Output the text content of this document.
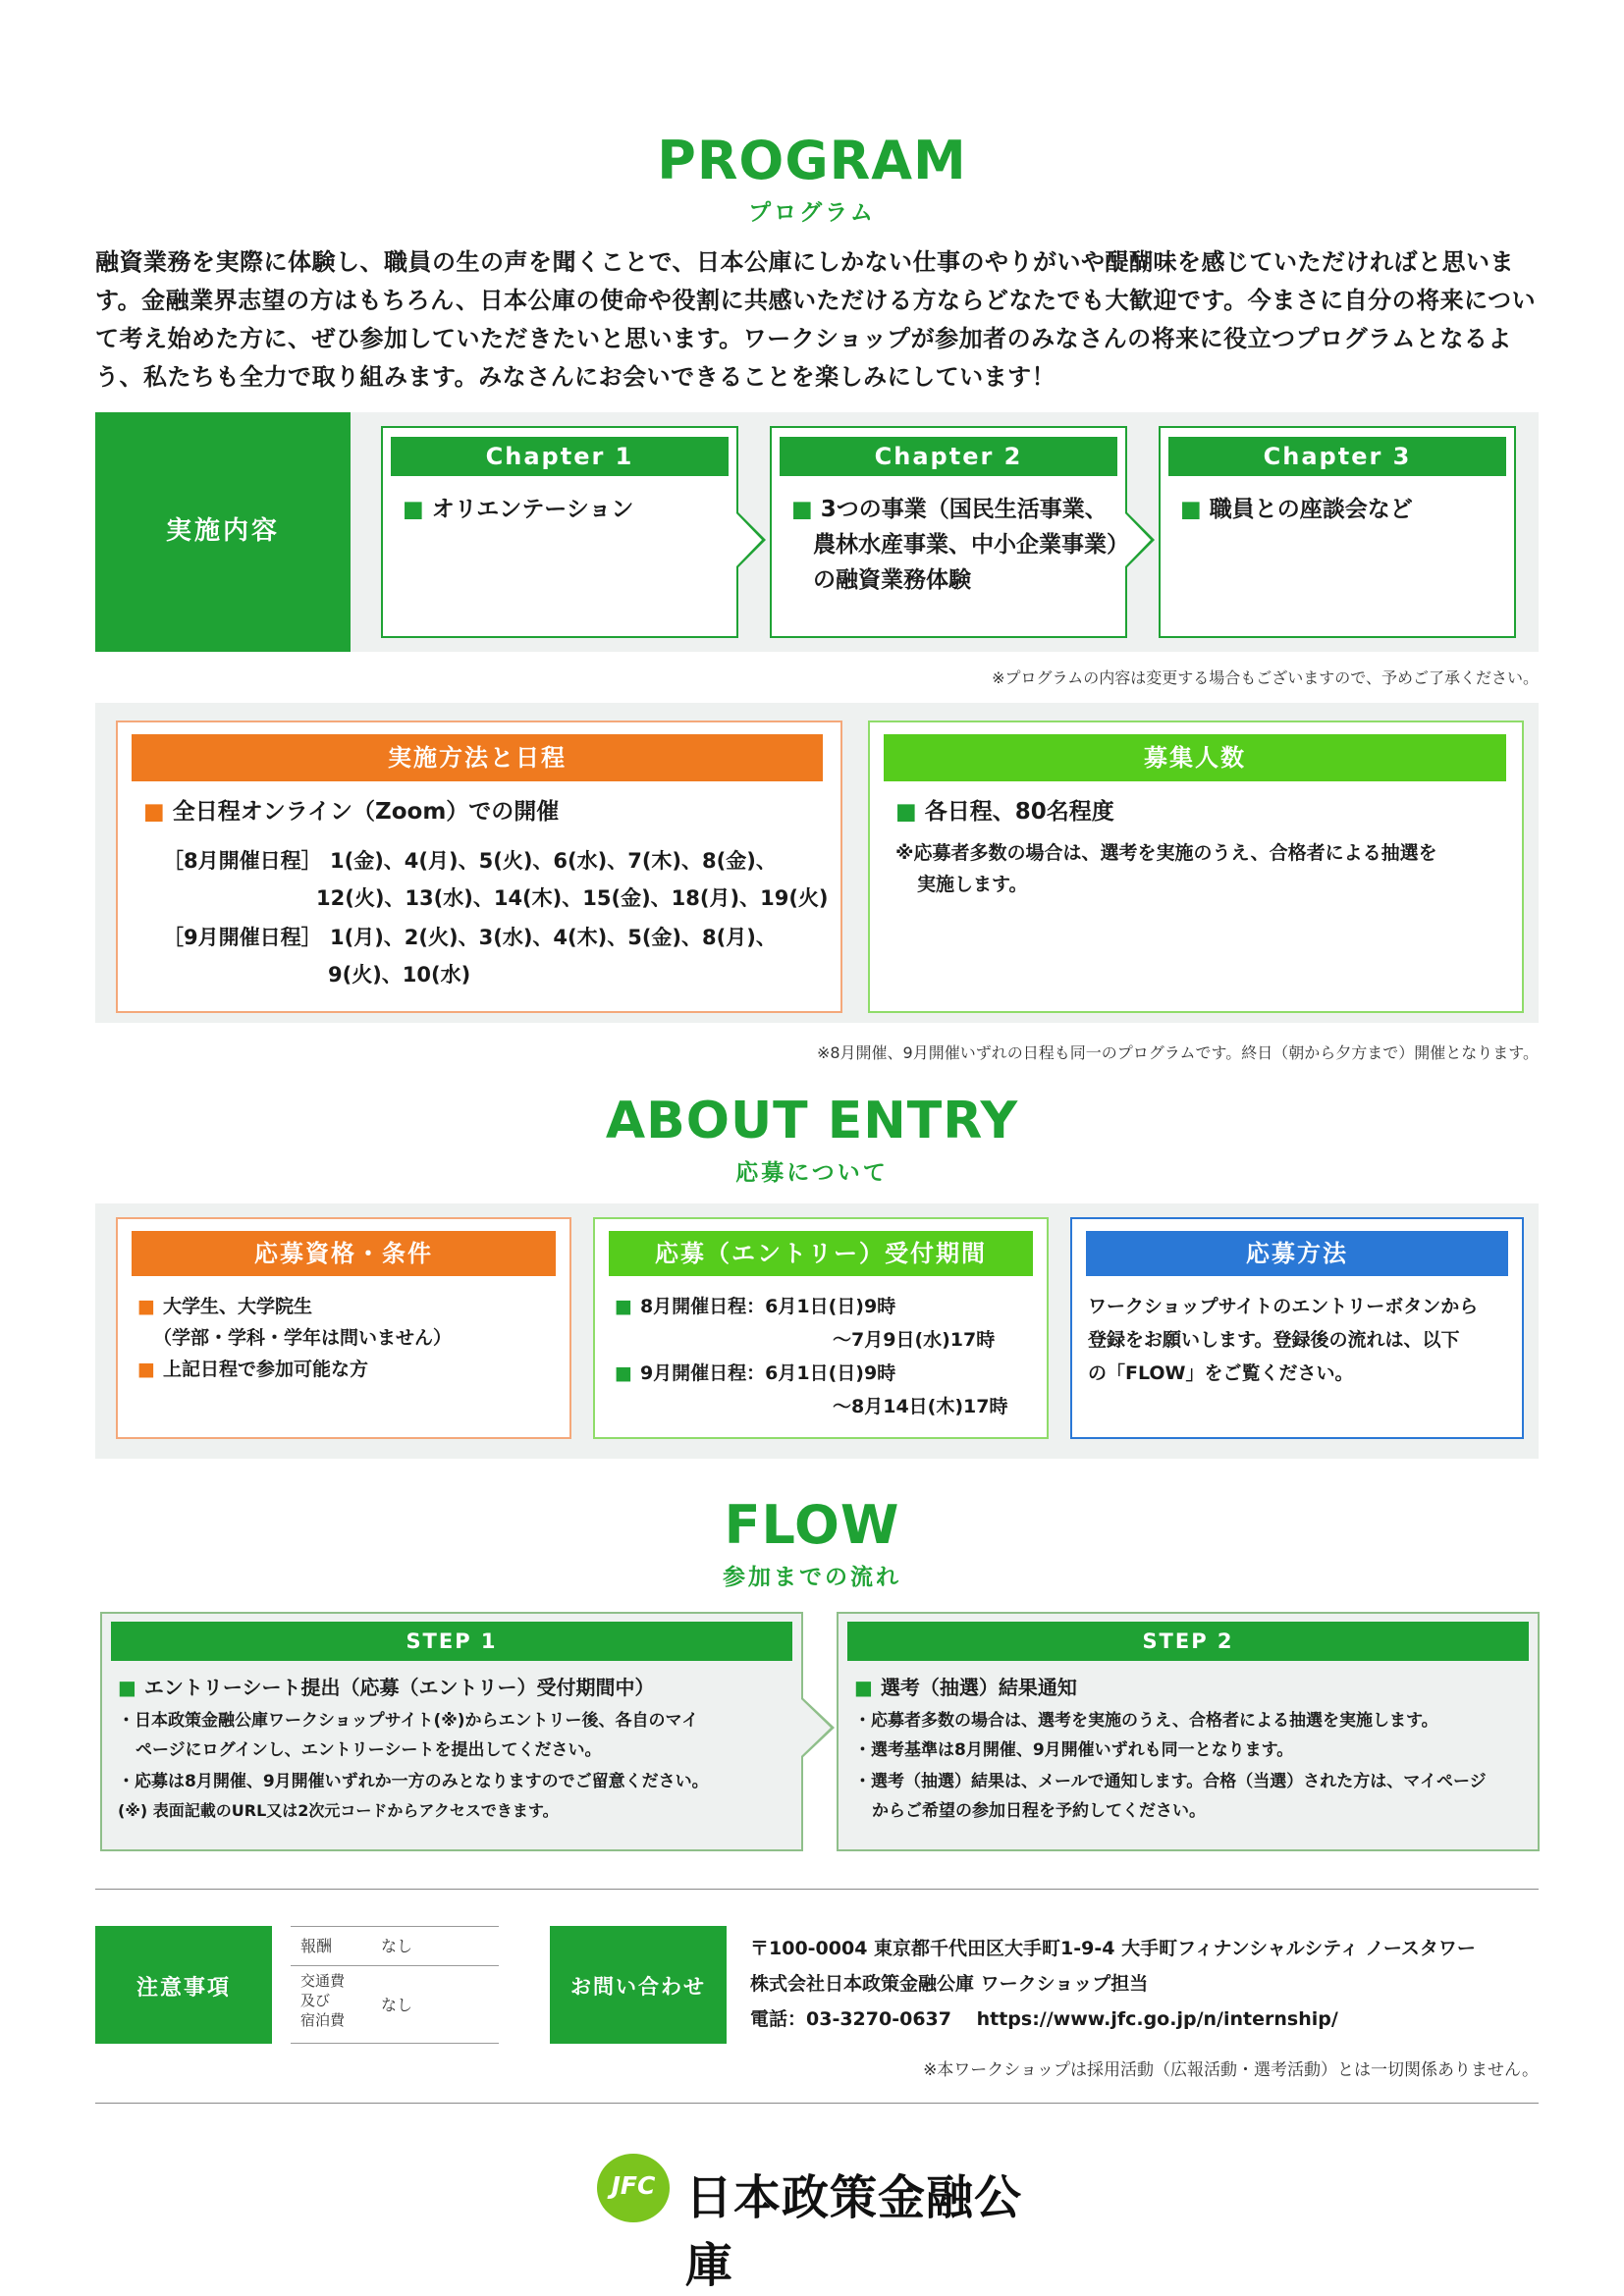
PROGRAM
プログラム
融資業務を実際に体験し、職員の生の声を聞くことで、日本公庫にしかない仕事のやりがいや醍醐味を感じていただければと思います。金融業界志望の方はもちろん、日本公庫の使命や役割に共感いただける方ならどなたでも大歓迎です。今まさに自分の将来について考え始めた方に、ぜひ参加していただきたいと思います。ワークショップが参加者のみなさんの将来に役立つプログラムとなるよう、私たちも全力で取り組みます。みなさんにお会いできることを楽しみにしています！
実施内容
Chapter 1
■ オリエンテーション
Chapter 2
■ 3つの事業（国民生活事業、
農林水産事業、中小企業事業）
の融資業務体験
Chapter 3
■ 職員との座談会など
※プログラムの内容は変更する場合もございますので、予めご了承ください。
実施方法と日程
■ 全日程オンライン（Zoom）での開催
［8月開催日程］ 1(金)、4(月)、5(火)、6(水)、7(木)、8(金)、
12(火)、13(水)、14(木)、15(金)、18(月)、19(火)
［9月開催日程］ 1(月)、2(火)、3(水)、4(木)、5(金)、8(月)、
9(火)、10(水)
募集人数
■ 各日程、80名程度
※応募者多数の場合は、選考を実施のうえ、合格者による抽選を
実施します。
※8月開催、9月開催いずれの日程も同一のプログラムです。終日（朝から夕方まで）開催となります。
ABOUT ENTRY
応募について
応募資格・条件
■ 大学生、大学院生
（学部・学科・学年は問いません）
■ 上記日程で参加可能な方
応募（エントリー）受付期間
■ 8月開催日程：6月1日(日)9時
～7月9日(水)17時
■ 9月開催日程：6月1日(日)9時
～8月14日(木)17時
応募方法
ワークショップサイトのエントリーボタンから
登録をお願いします。登録後の流れは、以下
の「FLOW」をご覧ください。
FLOW
参加までの流れ
STEP 1
■ エントリーシート提出（応募（エントリー）受付期間中）
・日本政策金融公庫ワークショップサイト(※)からエントリー後、各自のマイ
ページにログインし、エントリーシートを提出してください。
・応募は8月開催、9月開催いずれか一方のみとなりますのでご留意ください。
(※) 表面記載のURL又は2次元コードからアクセスできます。
STEP 2
■ 選考（抽選）結果通知
・応募者多数の場合は、選考を実施のうえ、合格者による抽選を実施します。
・選考基準は8月開催、9月開催いずれも同一となります。
・選考（抽選）結果は、メールで通知します。合格（当選）された方は、マイページ
からご希望の参加日程を予約してください。
注意事項
報酬	なし
交通費
及び
宿泊費
なし
お問い合わせ
〒100-0004 東京都千代田区大手町1-9-4 大手町フィナンシャルシティ ノースタワー
株式会社日本政策金融公庫 ワークショップ担当
電話：03-3270-0637　 https://www.jfc.go.jp/n/internship/
※本ワークショップは採用活動（広報活動・選考活動）とは一切関係ありません。
JFC 日本政策金融公庫
